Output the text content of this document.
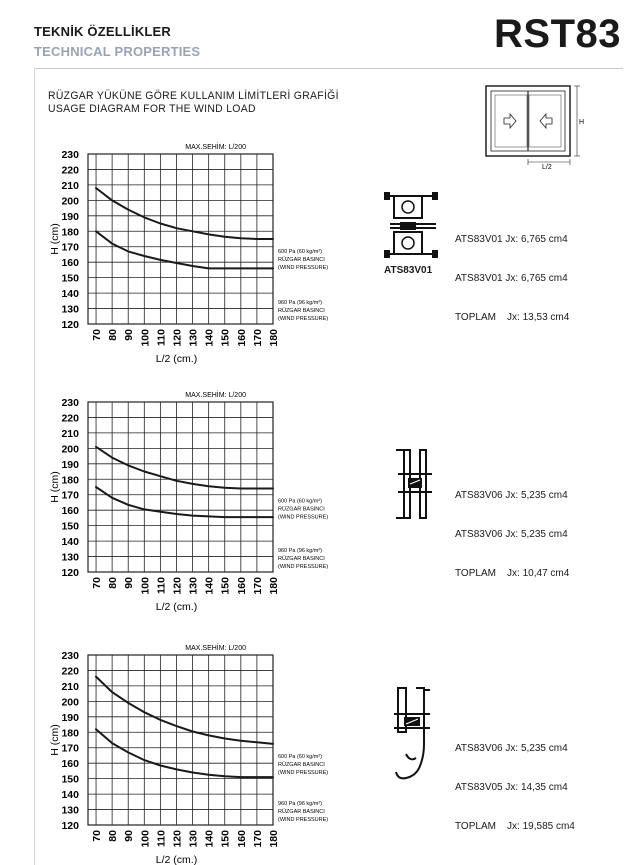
TEKNİK ÖZELLİKLER
TECHNICAL PROPERTIES	RST83
RÜZGAR YÜKÜNE GÖRE KULLANIM LİMİTLERİ GRAFİĞİ
USAGE DIAGRAM FOR THE WIND LOAD
H
L/2
MAX.SEHİM: L/200
120
130
140
150
160
170
180
190
200
210
220
230
70 80 90 100 110 120 130 140 150 160 170 180
H (cm)
L/2 (cm.)
600 Pa (60 kg/m²)
RÜZGAR BASINCI
(WIND PRESSURE)
960 Pa (96 kg/m²)
RÜZGAR BASINCI
(WIND PRESSURE)
MAX.SEHİM: L/200
120
130
140
150
160
170
180
190
200
210
220
230
70 80 90 100 110 120 130 140 150 160 170 180
H (cm)
L/2 (cm.)
600 Pa (60 kg/m²)
RÜZGAR BASINCI
(WIND PRESSURE)
960 Pa (96 kg/m²)
RÜZGAR BASINCI
(WIND PRESSURE)
MAX.SEHİM: L/200
120
130
140
150
160
170
180
190
200
210
220
230
70 80 90 100 110 120 130 140 150 160 170 180
H (cm)
L/2 (cm.)
600 Pa (60 kg/m²)
RÜZGAR BASINCI
(WIND PRESSURE)
960 Pa (96 kg/m²)
RÜZGAR BASINCI
(WIND PRESSURE)
ATS83V01

ATS83V01 Jx: 6,765 cm4

ATS83V01 Jx: 6,765 cm4

TOPLAM    Jx: 13,53 cm4

ATS83V06 Jx: 5,235 cm4

ATS83V06 Jx: 5,235 cm4

TOPLAM    Jx: 10,47 cm4

ATS83V06 Jx: 5,235 cm4

ATS83V05 Jx: 14,35 cm4

TOPLAM    Jx: 19,585 cm4
